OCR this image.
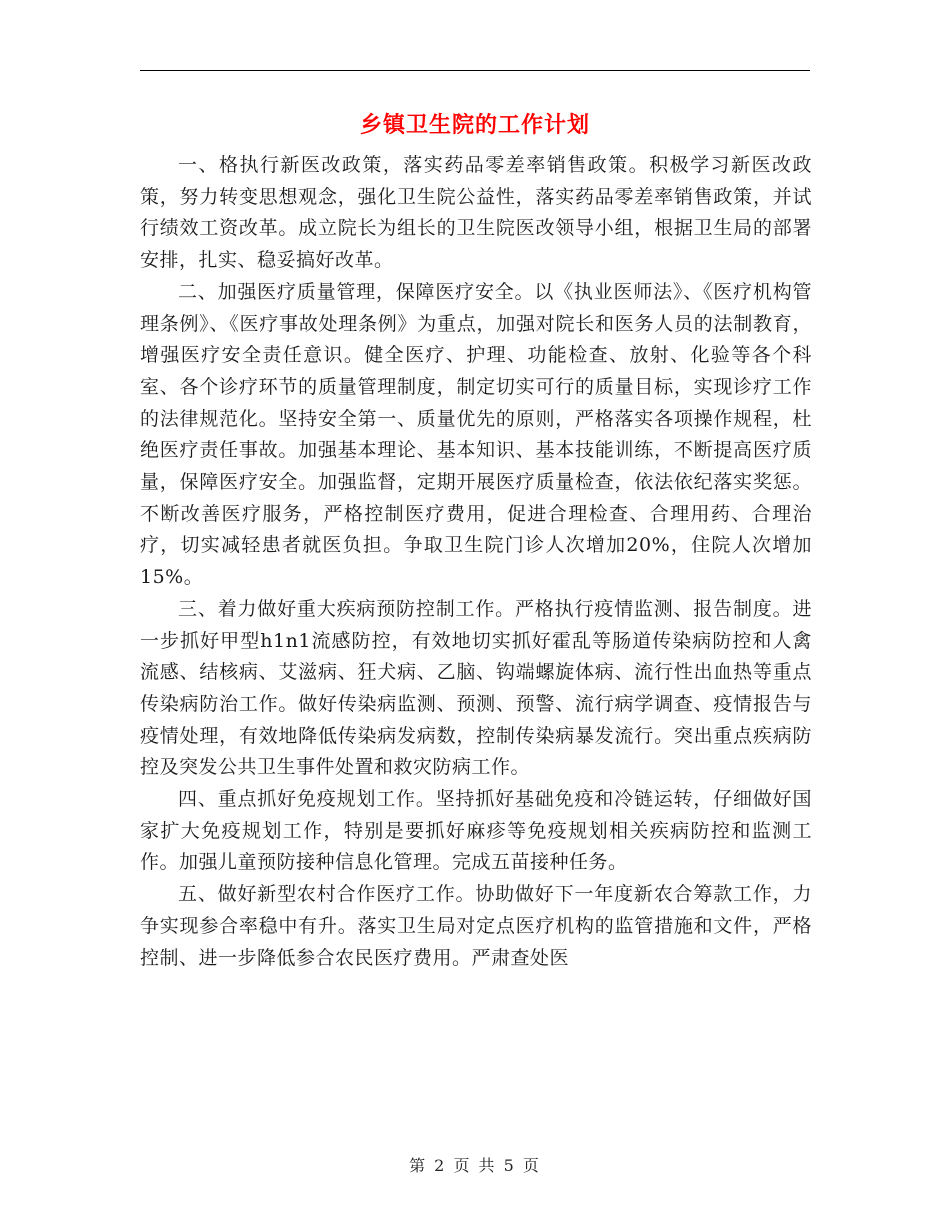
乡镇卫生院的工作计划

一、格执行新医改政策，落实药品零差率销售政策。积极学习新医改政策，努力转变思想观念，强化卫生院公益性，落实药品零差率销售政策，并试行绩效工资改革。成立院长为组长的卫生院医改领导小组，根据卫生局的部署安排，扎实、稳妥搞好改革。

二、加强医疗质量管理，保障医疗安全。以《执业医师法》、《医疗机构管理条例》、《医疗事故处理条例》为重点，加强对院长和医务人员的法制教育，增强医疗安全责任意识。健全医疗、护理、功能检查、放射、化验等各个科室、各个诊疗环节的质量管理制度，制定切实可行的质量目标，实现诊疗工作的法律规范化。坚持安全第一、质量优先的原则，严格落实各项操作规程，杜绝医疗责任事故。加强基本理论、基本知识、基本技能训练，不断提高医疗质量，保障医疗安全。加强监督，定期开展医疗质量检查，依法依纪落实奖惩。不断改善医疗服务，严格控制医疗费用，促进合理检查、合理用药、合理治疗，切实减轻患者就医负担。争取卫生院门诊人次增加20%，住院人次增加15%。

三、着力做好重大疾病预防控制工作。严格执行疫情监测、报告制度。进一步抓好甲型h1n1流感防控，有效地切实抓好霍乱等肠道传染病防控和人禽流感、结核病、艾滋病、狂犬病、乙脑、钩端螺旋体病、流行性出血热等重点传染病防治工作。做好传染病监测、预测、预警、流行病学调查、疫情报告与疫情处理，有效地降低传染病发病数，控制传染病暴发流行。突出重点疾病防控及突发公共卫生事件处置和救灾防病工作。

四、重点抓好免疫规划工作。坚持抓好基础免疫和冷链运转，仔细做好国家扩大免疫规划工作，特别是要抓好麻疹等免疫规划相关疾病防控和监测工作。加强儿童预防接种信息化管理。完成五苗接种任务。

五、做好新型农村合作医疗工作。协助做好下一年度新农合筹款工作，力争实现参合率稳中有升。落实卫生局对定点医疗机构的监管措施和文件，严格控制、进一步降低参合农民医疗费用。严肃查处医

第 2 页 共 5 页
